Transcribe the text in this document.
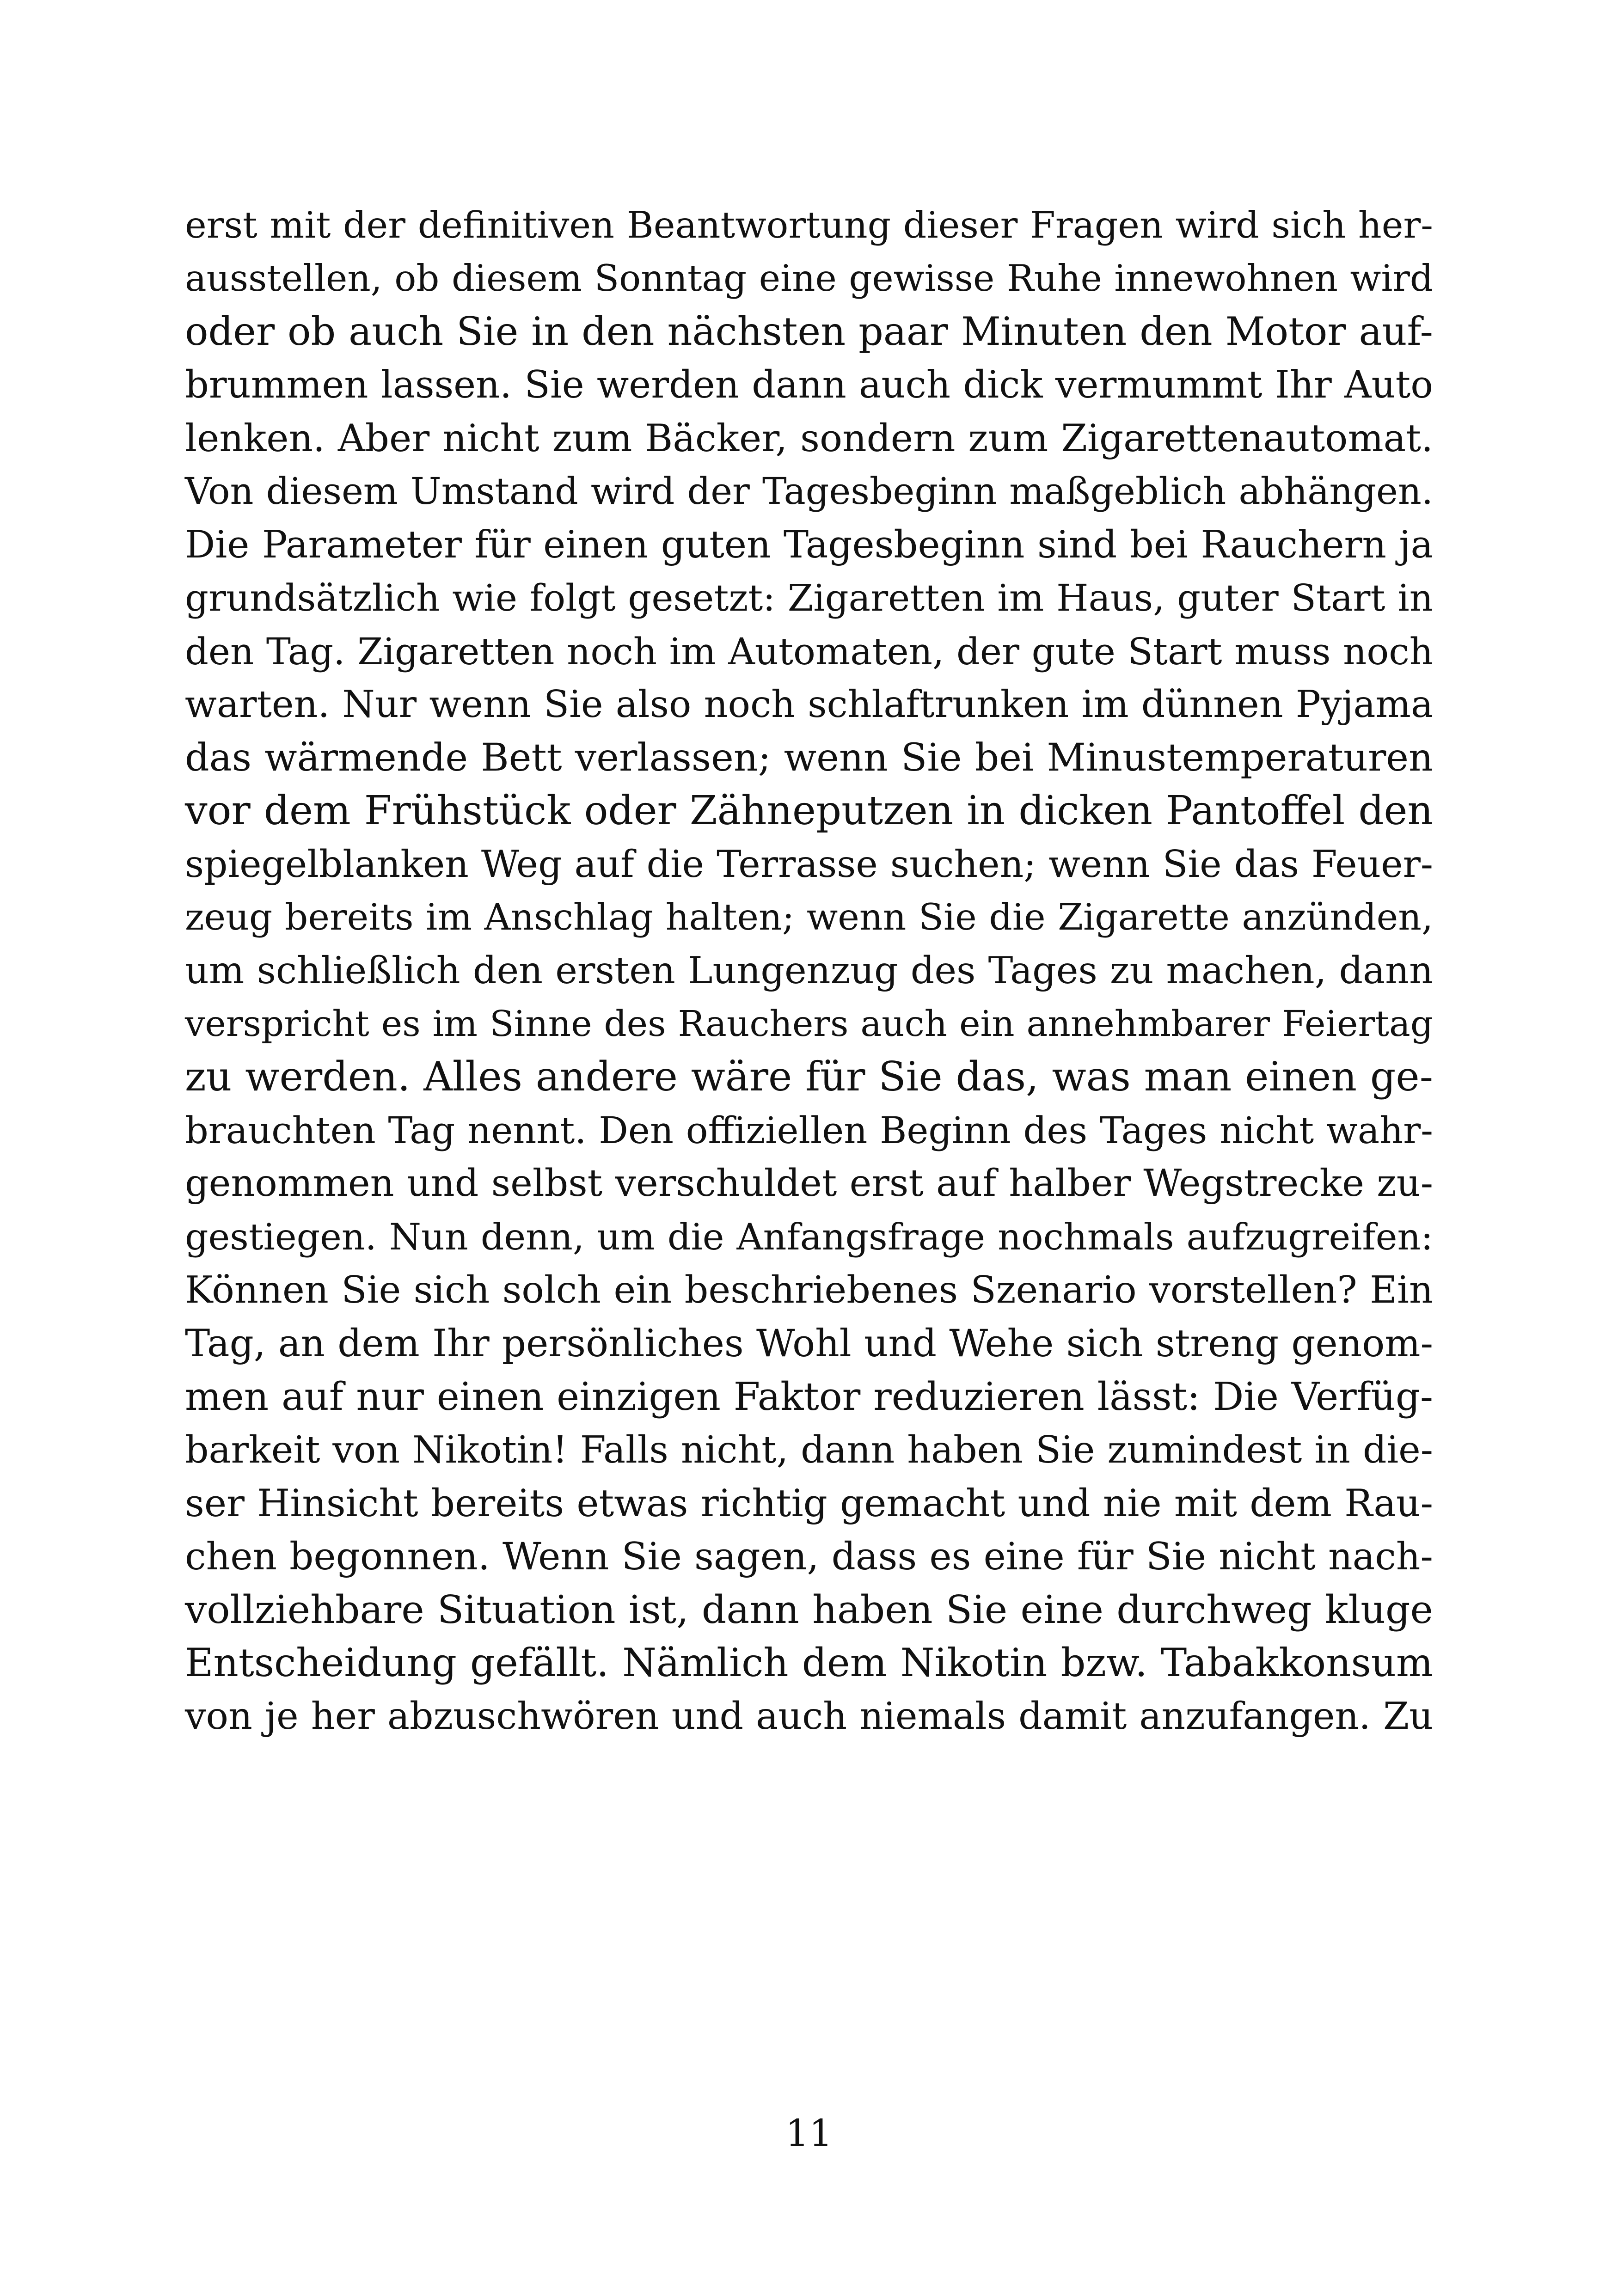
erst mit der definitiven Beantwortung dieser Fragen wird sich her-
ausstellen, ob diesem Sonntag eine gewisse Ruhe innewohnen wird
oder ob auch Sie in den nächsten paar Minuten den Motor auf-
brummen lassen. Sie werden dann auch dick vermummt Ihr Auto
lenken. Aber nicht zum Bäcker, sondern zum Zigarettenautomat.
Von diesem Umstand wird der Tagesbeginn maßgeblich abhängen.
Die Parameter für einen guten Tagesbeginn sind bei Rauchern ja
grundsätzlich wie folgt gesetzt: Zigaretten im Haus, guter Start in
den Tag. Zigaretten noch im Automaten, der gute Start muss noch
warten. Nur wenn Sie also noch schlaftrunken im dünnen Pyjama
das wärmende Bett verlassen; wenn Sie bei Minustemperaturen
vor dem Frühstück oder Zähneputzen in dicken Pantoffel den
spiegelblanken Weg auf die Terrasse suchen; wenn Sie das Feuer-
zeug bereits im Anschlag halten; wenn Sie die Zigarette anzünden,
um schließlich den ersten Lungenzug des Tages zu machen, dann
verspricht es im Sinne des Rauchers auch ein annehmbarer Feiertag
zu werden. Alles andere wäre für Sie das, was man einen ge-
brauchten Tag nennt. Den offiziellen Beginn des Tages nicht wahr-
genommen und selbst verschuldet erst auf halber Wegstrecke zu-
gestiegen. Nun denn, um die Anfangsfrage nochmals aufzugreifen:
Können Sie sich solch ein beschriebenes Szenario vorstellen? Ein
Tag, an dem Ihr persönliches Wohl und Wehe sich streng genom-
men auf nur einen einzigen Faktor reduzieren lässt: Die Verfüg-
barkeit von Nikotin! Falls nicht, dann haben Sie zumindest in die-
ser Hinsicht bereits etwas richtig gemacht und nie mit dem Rau-
chen begonnen. Wenn Sie sagen, dass es eine für Sie nicht nach-
vollziehbare Situation ist, dann haben Sie eine durchweg kluge
Entscheidung gefällt. Nämlich dem Nikotin bzw. Tabakkonsum
von je her abzuschwören und auch niemals damit anzufangen. Zu
11
